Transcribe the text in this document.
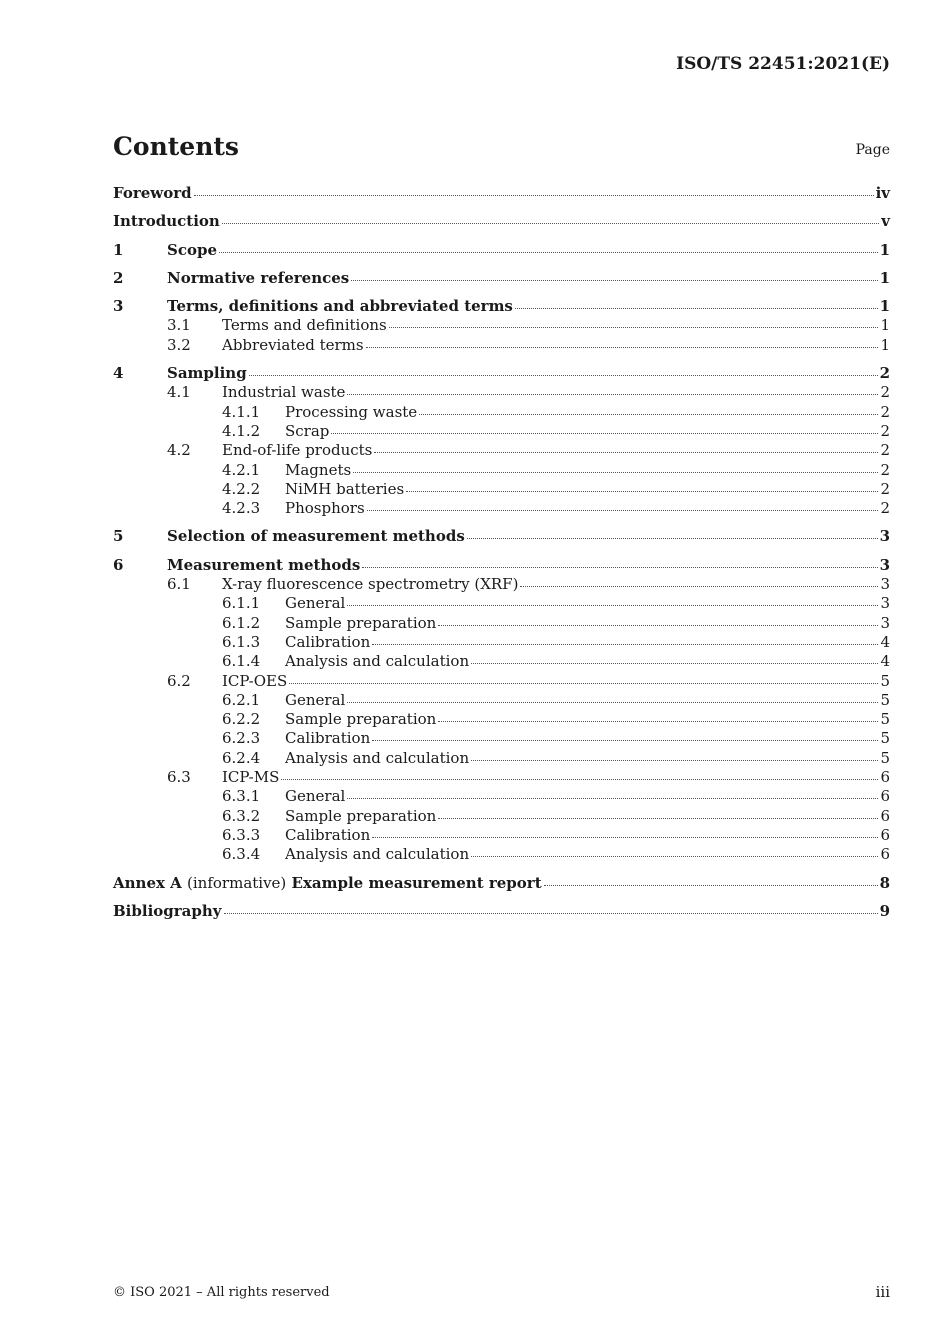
ISO/TS 22451:2021(E)
Contents	Page
Foreword	iv
Introduction	v
1	Scope	1
2	Normative references	1
3	Terms, definitions and abbreviated terms	1
3.1	Terms and definitions	1
3.2	Abbreviated terms	1
4	Sampling	2
4.1	Industrial waste	2
4.1.1	Processing waste	2
4.1.2	Scrap	2
4.2	End-of-life products	2
4.2.1	Magnets	2
4.2.2	NiMH batteries	2
4.2.3	Phosphors	2
5	Selection of measurement methods	3
6	Measurement methods	3
6.1	X-ray fluorescence spectrometry (XRF)	3
6.1.1	General	3
6.1.2	Sample preparation	3
6.1.3	Calibration	4
6.1.4	Analysis and calculation	4
6.2	ICP-OES	5
6.2.1	General	5
6.2.2	Sample preparation	5
6.2.3	Calibration	5
6.2.4	Analysis and calculation	5
6.3	ICP-MS	6
6.3.1	General	6
6.3.2	Sample preparation	6
6.3.3	Calibration	6
6.3.4	Analysis and calculation	6
Annex A (informative) Example measurement report	8
Bibliography	9
© ISO 2021 – All rights reserved	iii
